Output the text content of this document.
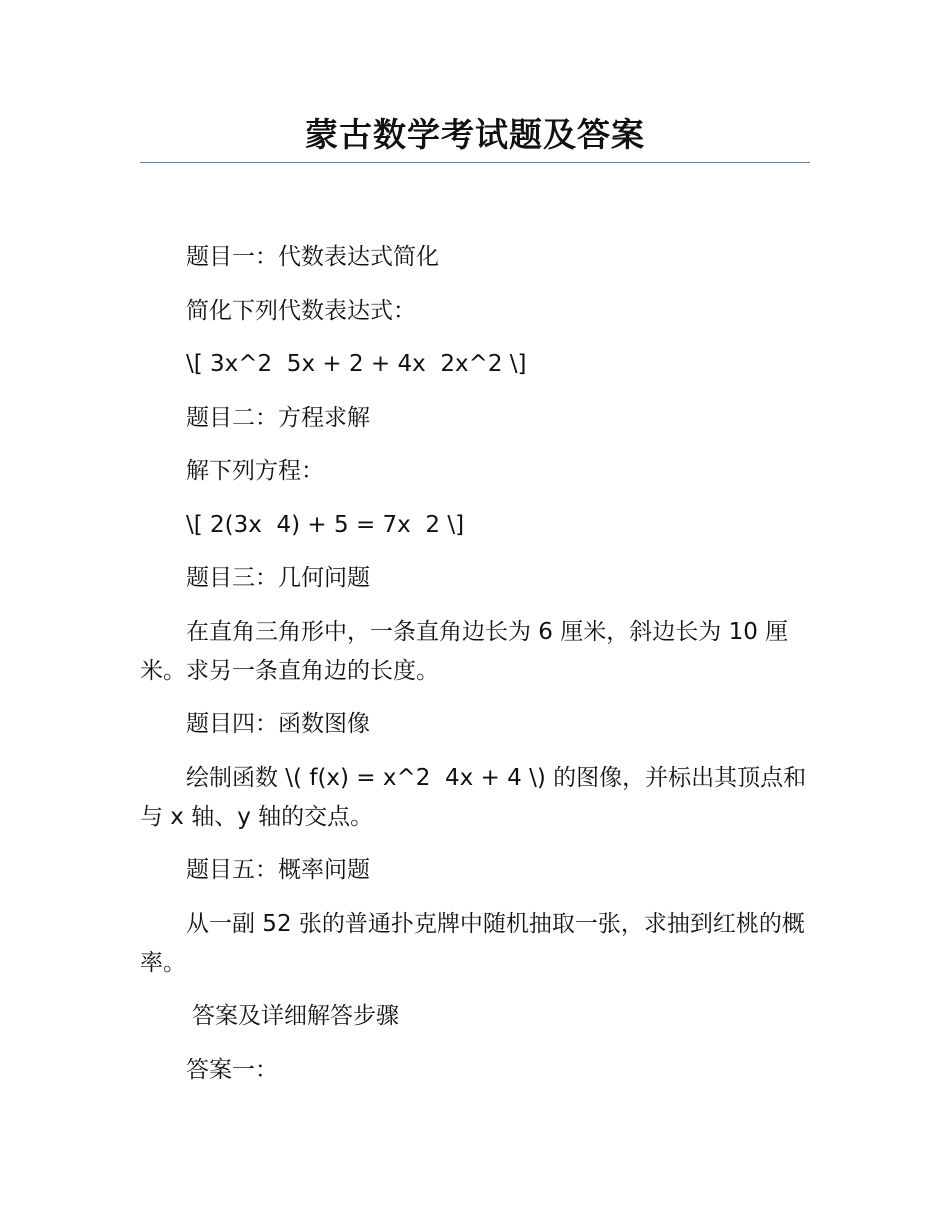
蒙古数学考试题及答案

题目一：代数表达式简化

简化下列代数表达式：

\[ 3x^2  5x + 2 + 4x  2x^2 \]

题目二：方程求解

解下列方程：

\[ 2(3x  4) + 5 = 7x  2 \]

题目三：几何问题

在直角三角形中，一条直角边长为 6 厘米，斜边长为 10 厘米。求另一条直角边的长度。

题目四：函数图像

绘制函数 \( f(x) = x^2  4x + 4 \) 的图像，并标出其顶点和与 x 轴、y 轴的交点。

题目五：概率问题

从一副 52 张的普通扑克牌中随机抽取一张，求抽到红桃的概率。

答案及详细解答步骤

答案一：
